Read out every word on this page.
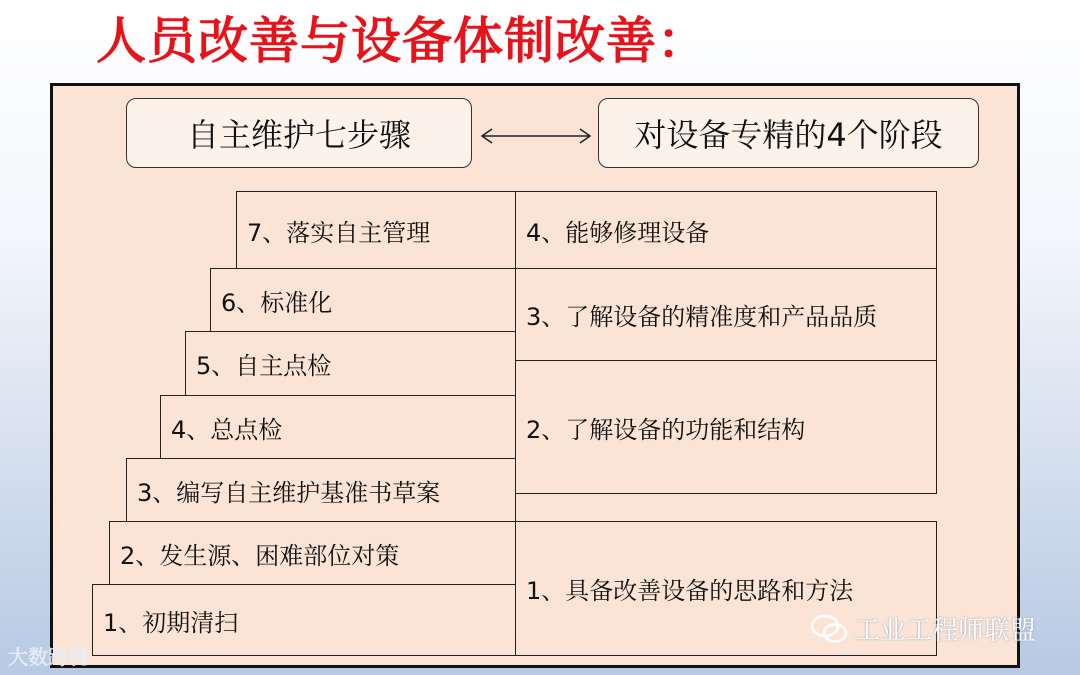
人员改善与设备体制改善：
自主维护七步骤	对设备专精的4个阶段
7、落实自主管理
6、标准化
5、自主点检
4、总点检
3、编写自主维护基准书草案
2、发生源、困难部位对策
1、初期清扫
4、能够修理设备
3、了解设备的精准度和产品品质
2、了解设备的功能和结构
1、具备改善设备的思路和方法
大数跨境
工业工程师联盟
